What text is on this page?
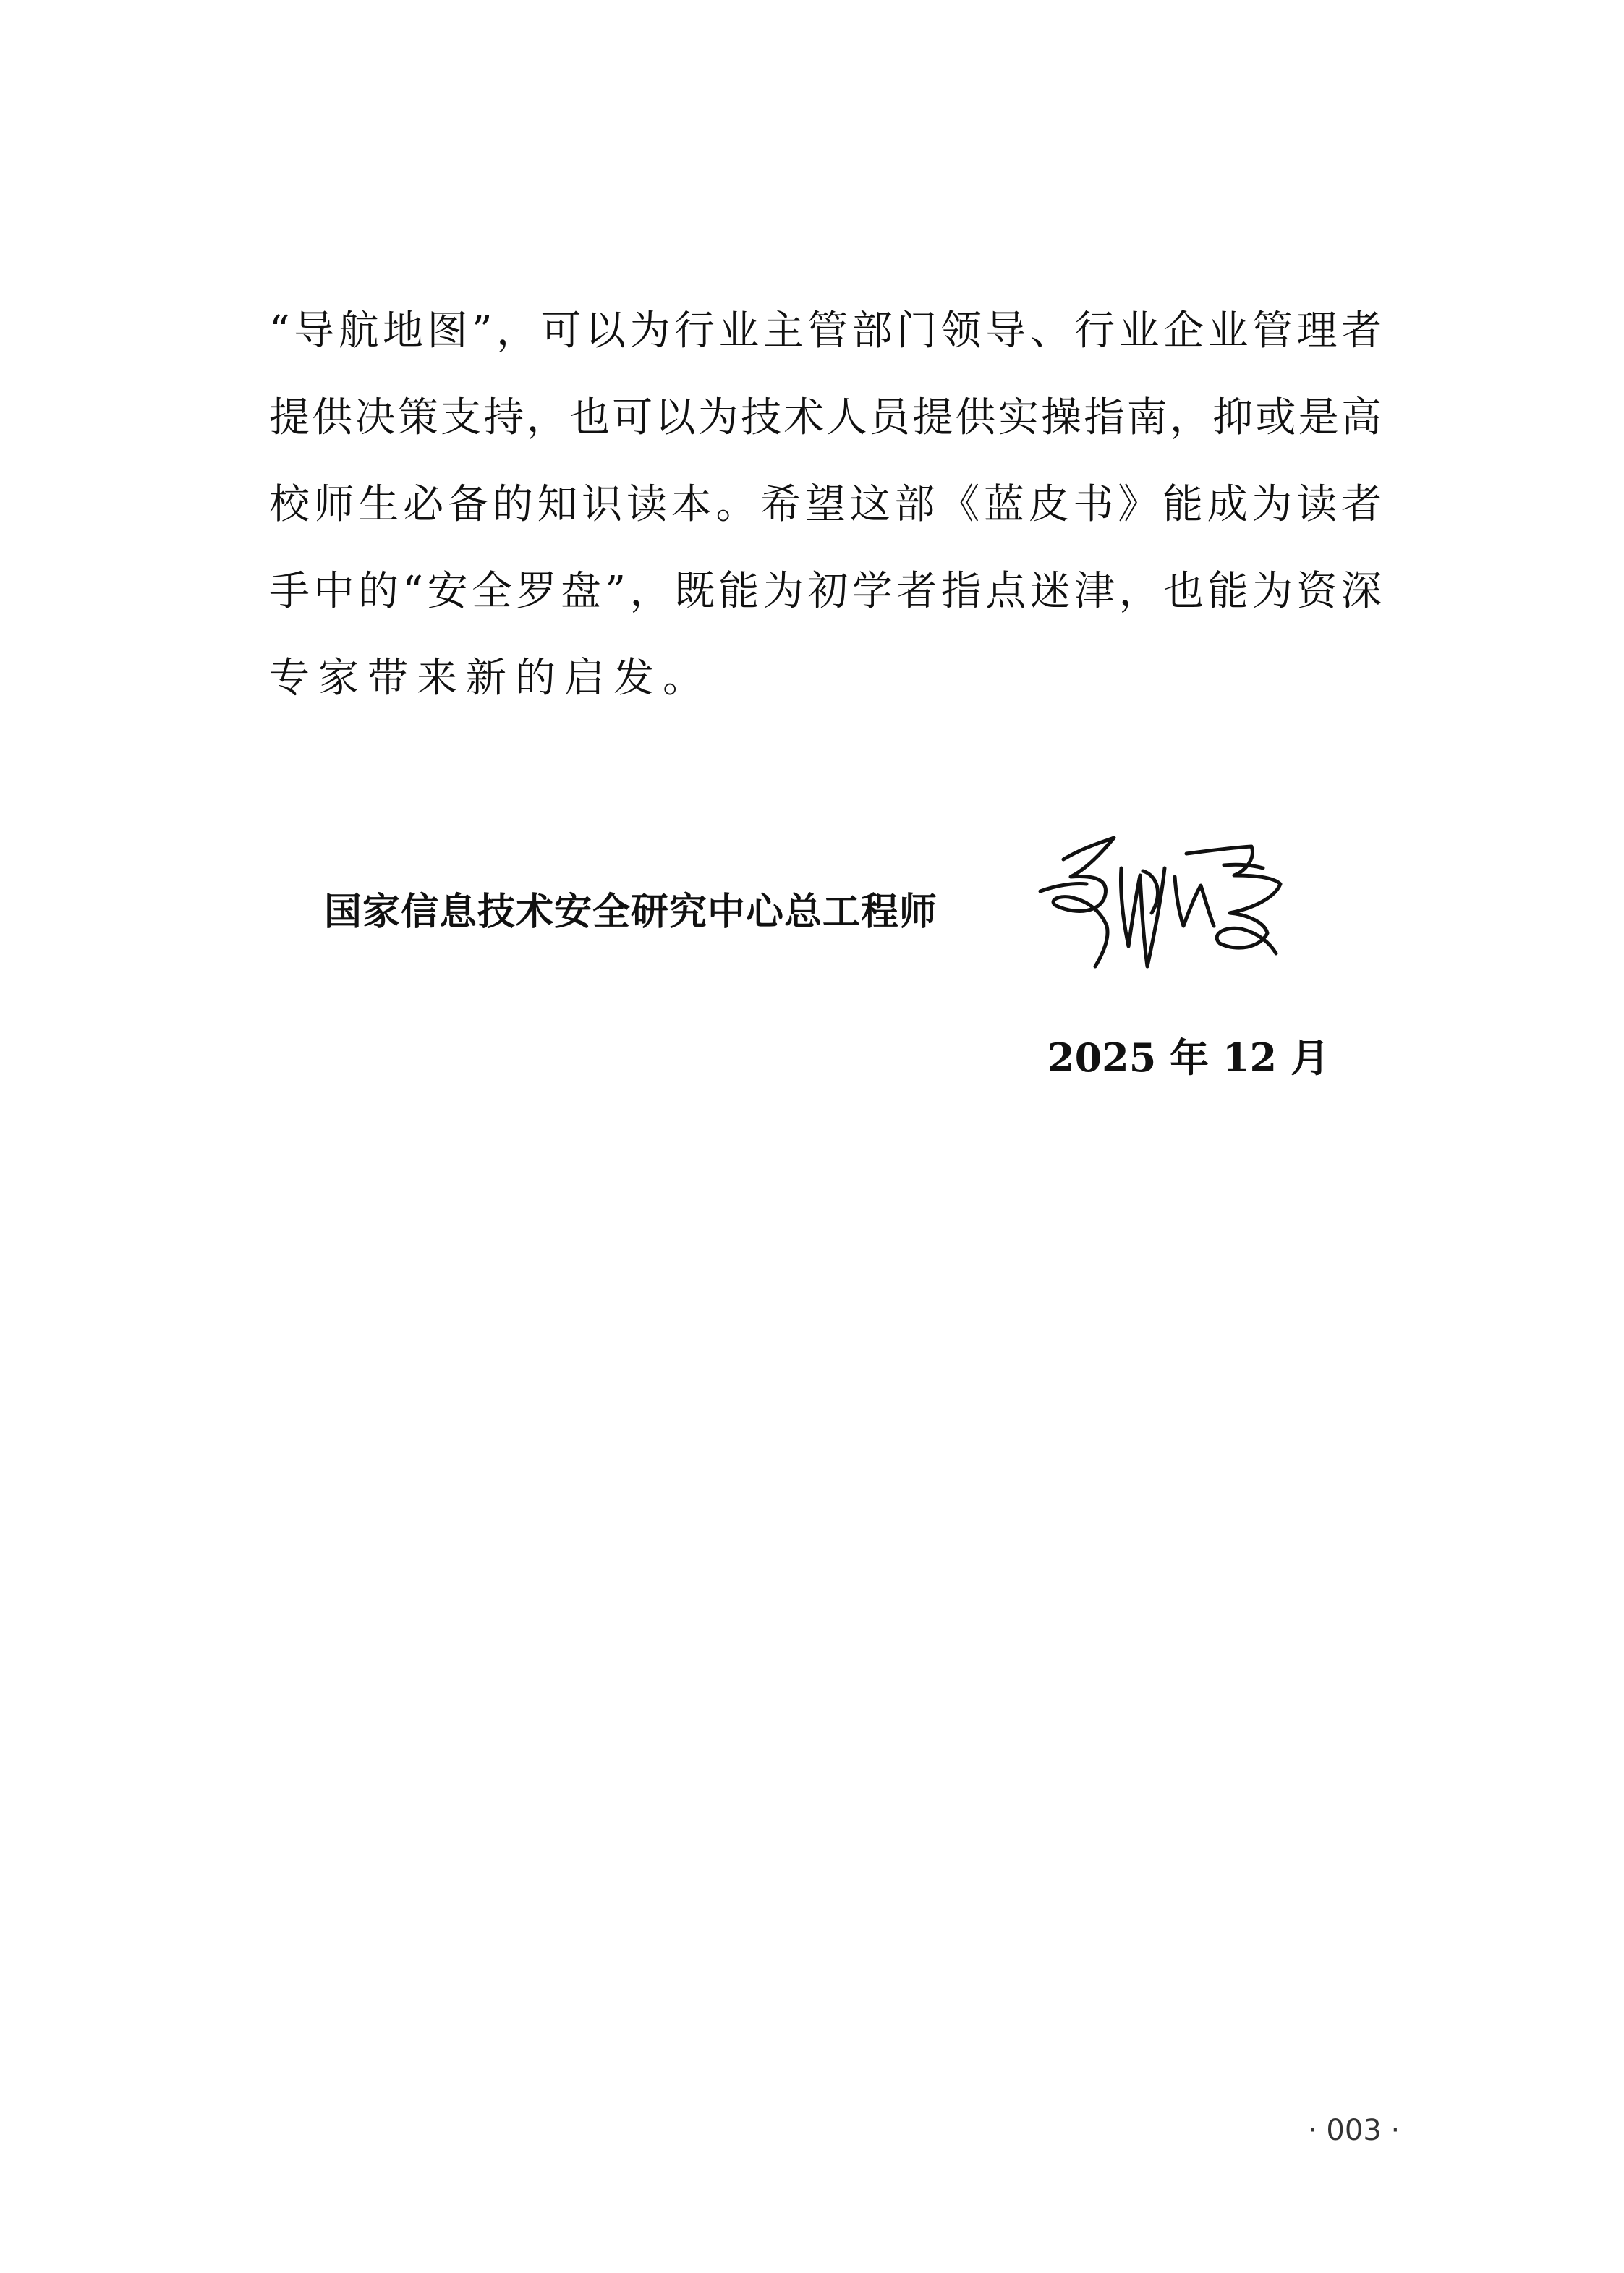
“导航地图”，可以为行业主管部门领导、行业企业管理者
提供决策支持，也可以为技术人员提供实操指南，抑或是高
校师生必备的知识读本。希望这部《蓝皮书》能成为读者
手中的“安全罗盘”，既能为初学者指点迷津，也能为资深
专家带来新的启发。
国家信息技术安全研究中心总工程师
2025 年 12 月
· 003 ·
